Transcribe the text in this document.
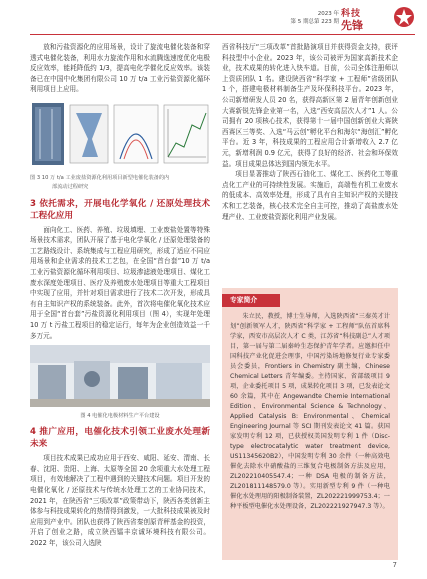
2023 年
第 5 期总第 223 期
科技
先锋

放和污盐资源化的应用场景，设计了旋流电催化装备和穿透式电催化装备，利用水力旋流作用和水流腾逸速度优化电极反应效率，能耗降低约 1/3，提高电化学催化反应效率。该装备已在中国中化集团有限公司 10 万 t/a 工业污盐资源化循环利用项目上应用。

图 3 10 万 t/a 工业废盐资源化利用项目新型电催化装备的内
部流动过程研究
3 依托需求，开展电化学氧化 / 还原处理技术工程化应用

面向化工、医药、养殖、垃圾填埋、工业废盐处置等特殊场景技术需求，团队开展了基于电化学氧化 / 还原处理装备的工艺路线设计、系统集成与工程应用研究，形成了适应不同应用场景和企业需求的技术工艺包，在全国“首台套”10 万 t/a 工业污盐资源化循环利用项目、垃圾渗滤液处理项目、煤化工废水深度处理项目、医疗及养殖废水处理项目等重大工程项目中实现了应用，并针对项目需求进行了技术二次开发，形成具有自主知识产权的系统装备。此外，首次将电催化氧化技术应用于全国“首台套”污盐资源化利用项目（图 4），实现年处理 10 万 t 污盐工程项目的稳定运行，每年为企业创造效益一千多万元。

图 4 电催化电极材料生产平台建设
4 推广应用，电催化技术引领工业废水处理新未来

项目技术成果已成功应用于西安、咸阳、延安、渭南、长春、沈阳、贵阳、上海、太原等全国 20 余项重大水处理工程项目，有效地解决了工程中遇到的关键技术问题。项目开发的电催化氧化 / 还原技术与传统水处理工艺的工业协同技术，2021 年，在陕西省“三项改革”政策带动下，陕西各类创新主体参与科技成果转化的热情得到激发，一大批科技成果被及时应用到产业中。团队也获得了陕西省秦创原青秤基金的投资，开启了创业之路，成立陕西镭丰京诚环境科技有限公司。2022 年，该公司入选陕

西省科技厅“三项改革”首批路演项目并获得资金支持，获评科技型中小企业。2023 年，该公司被评为国家高新技术企业，技术成果的转化进入快车道。目前，公司全体注册师以上资质团队 1 名。建设陕西省“科学家 + 工程师”省级团队 1 个，搭建电极材料制备生产及环保科技平台。2023 年，公司新增研发人员 20 名，获得高新区第 2 届青年创新创业大赛新锐先锋企业第一名，入选“西安高层次人才”1 人。公司拥有 20 项核心技术，获得第十一届中国创新创业大赛陕西赛区三等奖、入选“马云创”孵化平台和海尔“海创汇”孵化平台。近 3 年，科技成果的工程应用合计新增收入 2.7 亿元，新增利润 0.9 亿元，获得了良好的经济、社会和环保效益。项目成果总体达到国内领先水平。

项目显著推动了陕西石油化工、煤化工、医药化工等重点化工产业的可持续性发展。实施后，高端性有机工业废水的低成本、高效率处理，形成了具有自主知识产权的关键技术和工艺装备，核心技术完全自主可控，推动了高盐废水处理产业、工业废盐资源化利用产业发展。

专家简介

朱立民，教授，博士生导师，入选陕西省“三秦英才计划”创新领军人才，陕西省“科学家 + 工程师”队伍首席科学家，西安市高层次人才 C 类，江苏省“科技副总”人才项目，第一届与第二届秦岭生态保护青年学者。应邀担任中国科技产业化促进会理事，中国污染场地修复行业专家委员会委员，Frontiers in Chemistry 副主编，Chinese Chemical Letters 青年编委。主持国家、省部级项目 9 项，企业委托项目 5 项，成果转化项目 3 项，已发表论文 60 余篇，其中在 Angewandte Chemie International Edition、Environmental Science & Technology、Applied Catalysis B: Environmental、Chemical Engineering Journal 等 SCI 期刊发表论文 41 篇。获国家发明专利 12 项，已获授权美国发明专利 1 件（Disc-type electrocatalytic water treatment device, US11345620B2），中国发明专利 30 余件（一种高效电催化去除水中硝酸盐的三维复合电极制备方法及应用，ZL202210405547.4；一种 DSA 电极的制备方法，ZL201811148579.0 等）。实用新型专利 9 件（一种电催化水处理用的阳极制备装置，ZL202221999753.4；一种平板型电催化水处理设备，ZL202221927947.3 等）。

7
